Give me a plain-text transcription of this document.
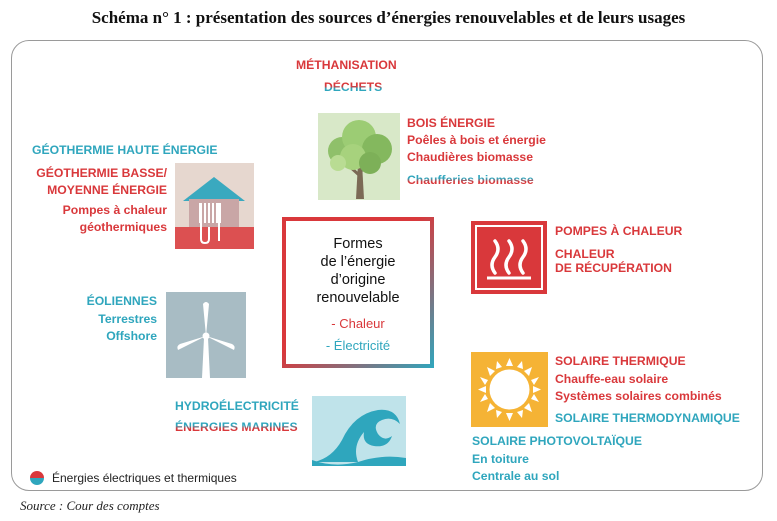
Schéma n° 1 : présentation des sources d’énergies renouvelables et de leurs usages
MÉTHANISATION
DÉCHETS
BOIS ÉNERGIE
Poêles à bois et énergie
Chaudières biomasse
Chaufferies biomasse
GÉOTHERMIE HAUTE ÉNERGIE
GÉOTHERMIE BASSE/
MOYENNE ÉNERGIE
Pompes à chaleur
géothermiques
Formes
de l’énergie
d’origine
renouvelable
- Chaleur
- Électricité
POMPES À CHALEUR
CHALEUR
DE RÉCUPÉRATION
ÉOLIENNES
Terrestres
Offshore
SOLAIRE THERMIQUE
Chauffe-eau solaire
Systèmes solaires combinés
SOLAIRE THERMODYNAMIQUE
SOLAIRE PHOTOVOLTAÏQUE
En toiture
Centrale au sol
HYDROÉLECTRICITÉ
ÉNERGIES MARINES
Énergies électriques et thermiques
Source : Cour des comptes
